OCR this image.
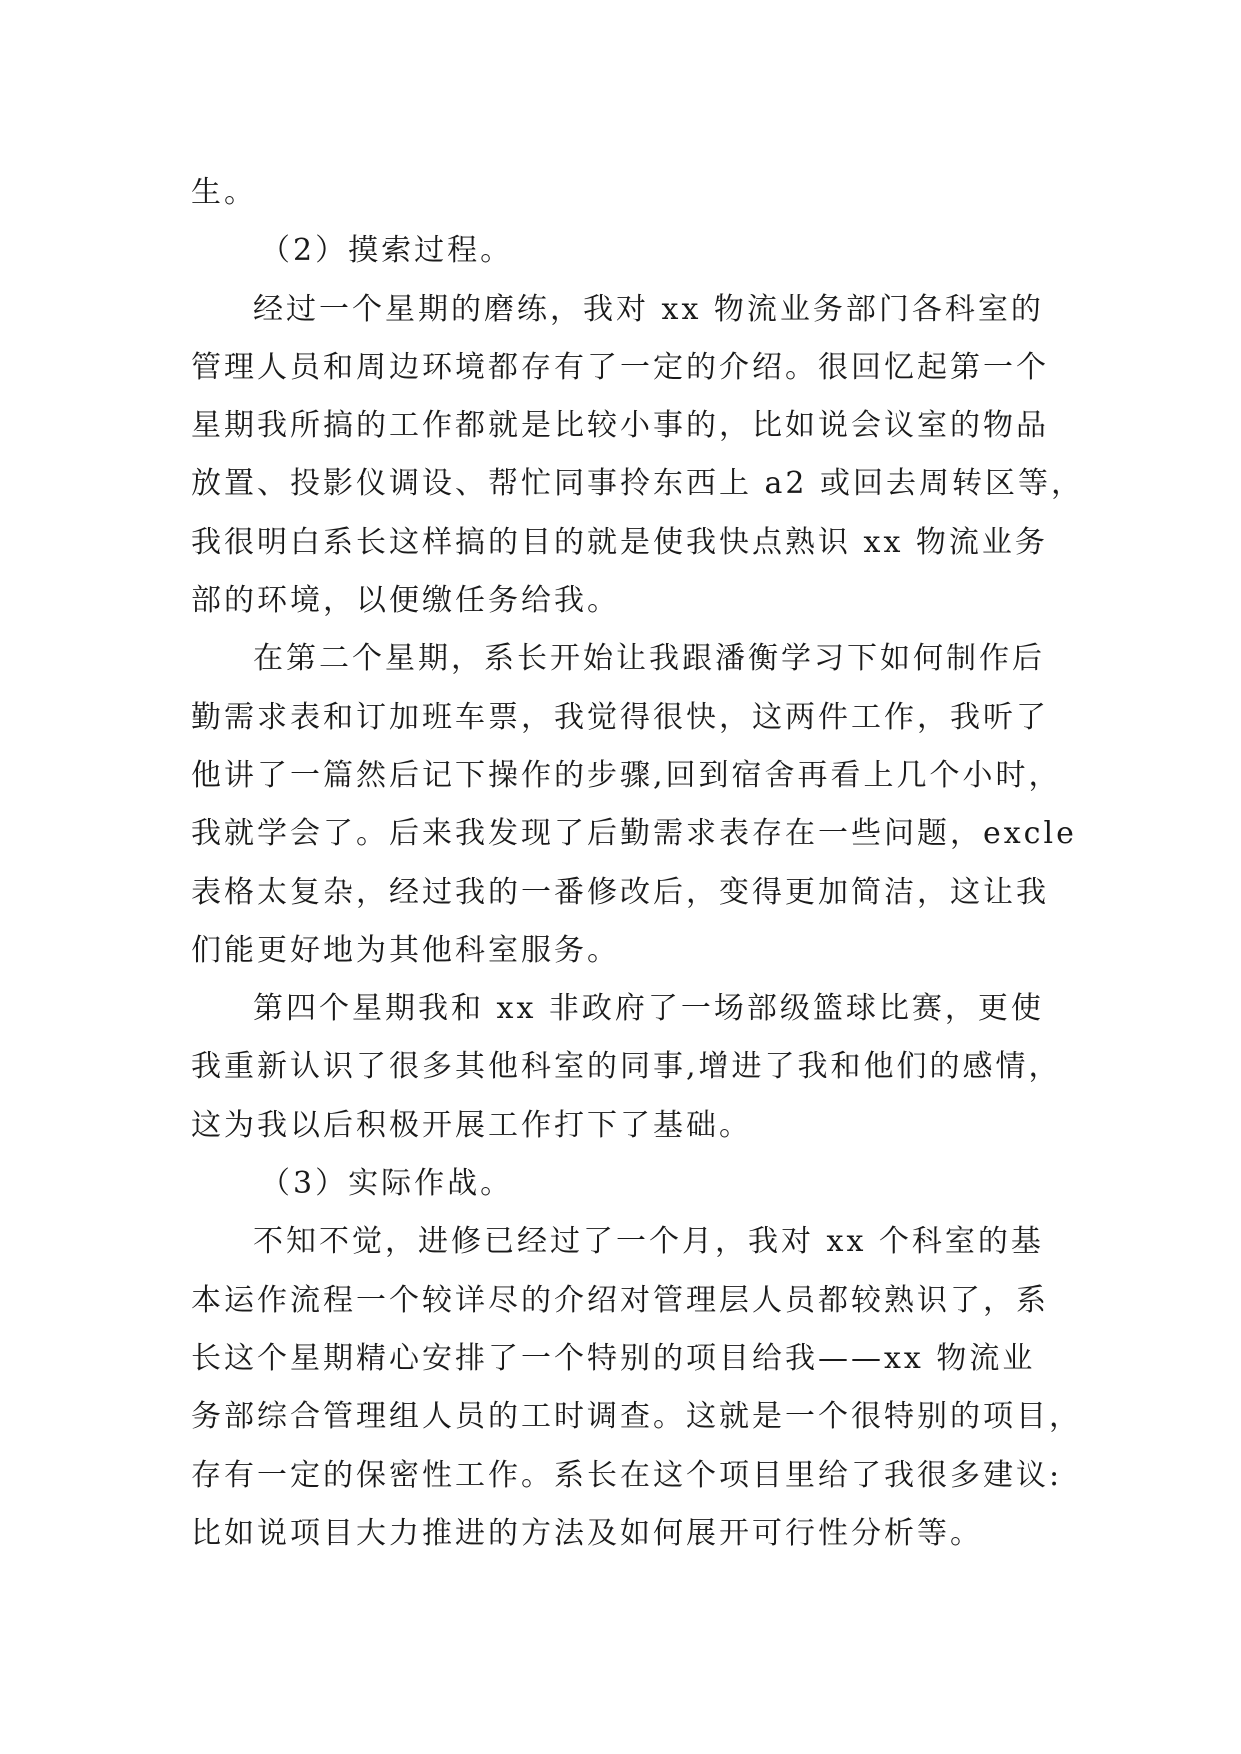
生。
（2）摸索过程。
经过一个星期的磨练，我对 xx 物流业务部门各科室的
管理人员和周边环境都存有了一定的介绍。很回忆起第一个
星期我所搞的工作都就是比较小事的，比如说会议室的物品
放置、投影仪调设、帮忙同事拎东西上 a2 或回去周转区等，
我很明白系长这样搞的目的就是使我快点熟识 xx 物流业务
部的环境，以便缴任务给我。
在第二个星期，系长开始让我跟潘衡学习下如何制作后
勤需求表和订加班车票，我觉得很快，这两件工作，我听了
他讲了一篇然后记下操作的步骤,回到宿舍再看上几个小时，
我就学会了。后来我发现了后勤需求表存在一些问题，excle
表格太复杂，经过我的一番修改后，变得更加简洁，这让我
们能更好地为其他科室服务。
第四个星期我和 xx 非政府了一场部级篮球比赛，更使
我重新认识了很多其他科室的同事,增进了我和他们的感情，
这为我以后积极开展工作打下了基础。
（3）实际作战。
不知不觉，进修已经过了一个月，我对 xx 个科室的基
本运作流程一个较详尽的介绍对管理层人员都较熟识了，系
长这个星期精心安排了一个特别的项目给我——xx 物流业
务部综合管理组人员的工时调查。这就是一个很特别的项目，
存有一定的保密性工作。系长在这个项目里给了我很多建议:
比如说项目大力推进的方法及如何展开可行性分析等。
